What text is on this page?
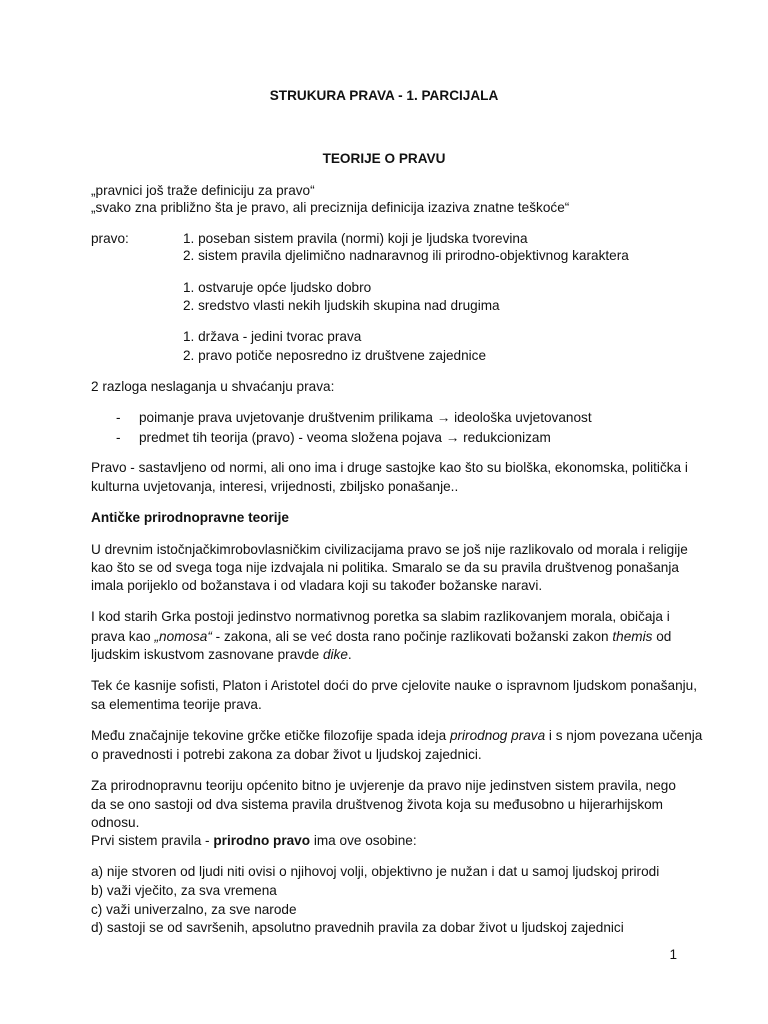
STRUKURA PRAVA - 1. PARCIJALA
TEORIJE O PRAVU
„pravnici još traže definiciju za pravo“
„svako zna približno šta je pravo, ali preciznija definicija izaziva znatne teškoće“
pravo:	1. poseban sistem pravila (normi) koji je ljudska tvorevina
2. sistem pravila djelimično nadnaravnog ili prirodno-objektivnog karaktera
1. ostvaruje opće ljudsko dobro
2. sredstvo vlasti nekih ljudskih skupina nad drugima
1. država - jedini tvorac prava
2. pravo potiče neposredno iz društvene zajednice
2 razloga neslaganja u shvaćanju prava:
- poimanje prava uvjetovanje društvenim prilikama → ideološka uvjetovanost
- predmet tih teorija (pravo) - veoma složena pojava → redukcionizam
Pravo - sastavljeno od normi, ali ono ima i druge sastojke kao što su biolška, ekonomska, politička i
kulturna uvjetovanja, interesi, vrijednosti, zbiljsko ponašanje..
Antičke prirodnopravne teorije
U drevnim istočnjačkimrobovlasničkim civilizacijama pravo se još nije razlikovalo od morala i religije
kao što se od svega toga nije izdvajala ni politika. Smaralo se da su pravila društvenog ponašanja
imala porijeklo od božanstava i od vladara koji su također božanske naravi.
I kod starih Grka postoji jedinstvo normativnog poretka sa slabim razlikovanjem morala, običaja i
prava kao „nomosa“ - zakona, ali se već dosta rano počinje razlikovati božanski zakon themis od
ljudskim iskustvom zasnovane pravde dike.
Tek će kasnije sofisti, Platon i Aristotel doći do prve cjelovite nauke o ispravnom ljudskom ponašanju,
sa elementima teorije prava.
Među značajnije tekovine grčke etičke filozofije spada ideja prirodnog prava i s njom povezana učenja
o pravednosti i potrebi zakona za dobar život u ljudskoj zajednici.
Za prirodnopravnu teoriju općenito bitno je uvjerenje da pravo nije jedinstven sistem pravila, nego
da se ono sastoji od dva sistema pravila društvenog života koja su međusobno u hijerarhijskom
odnosu.
Prvi sistem pravila - prirodno pravo ima ove osobine:
a) nije stvoren od ljudi niti ovisi o njihovoj volji, objektivno je nužan i dat u samoj ljudskoj prirodi
b) važi vječito, za sva vremena
c) važi univerzalno, za sve narode
d) sastoji se od savršenih, apsolutno pravednih pravila za dobar život u ljudskoj zajednici
1
